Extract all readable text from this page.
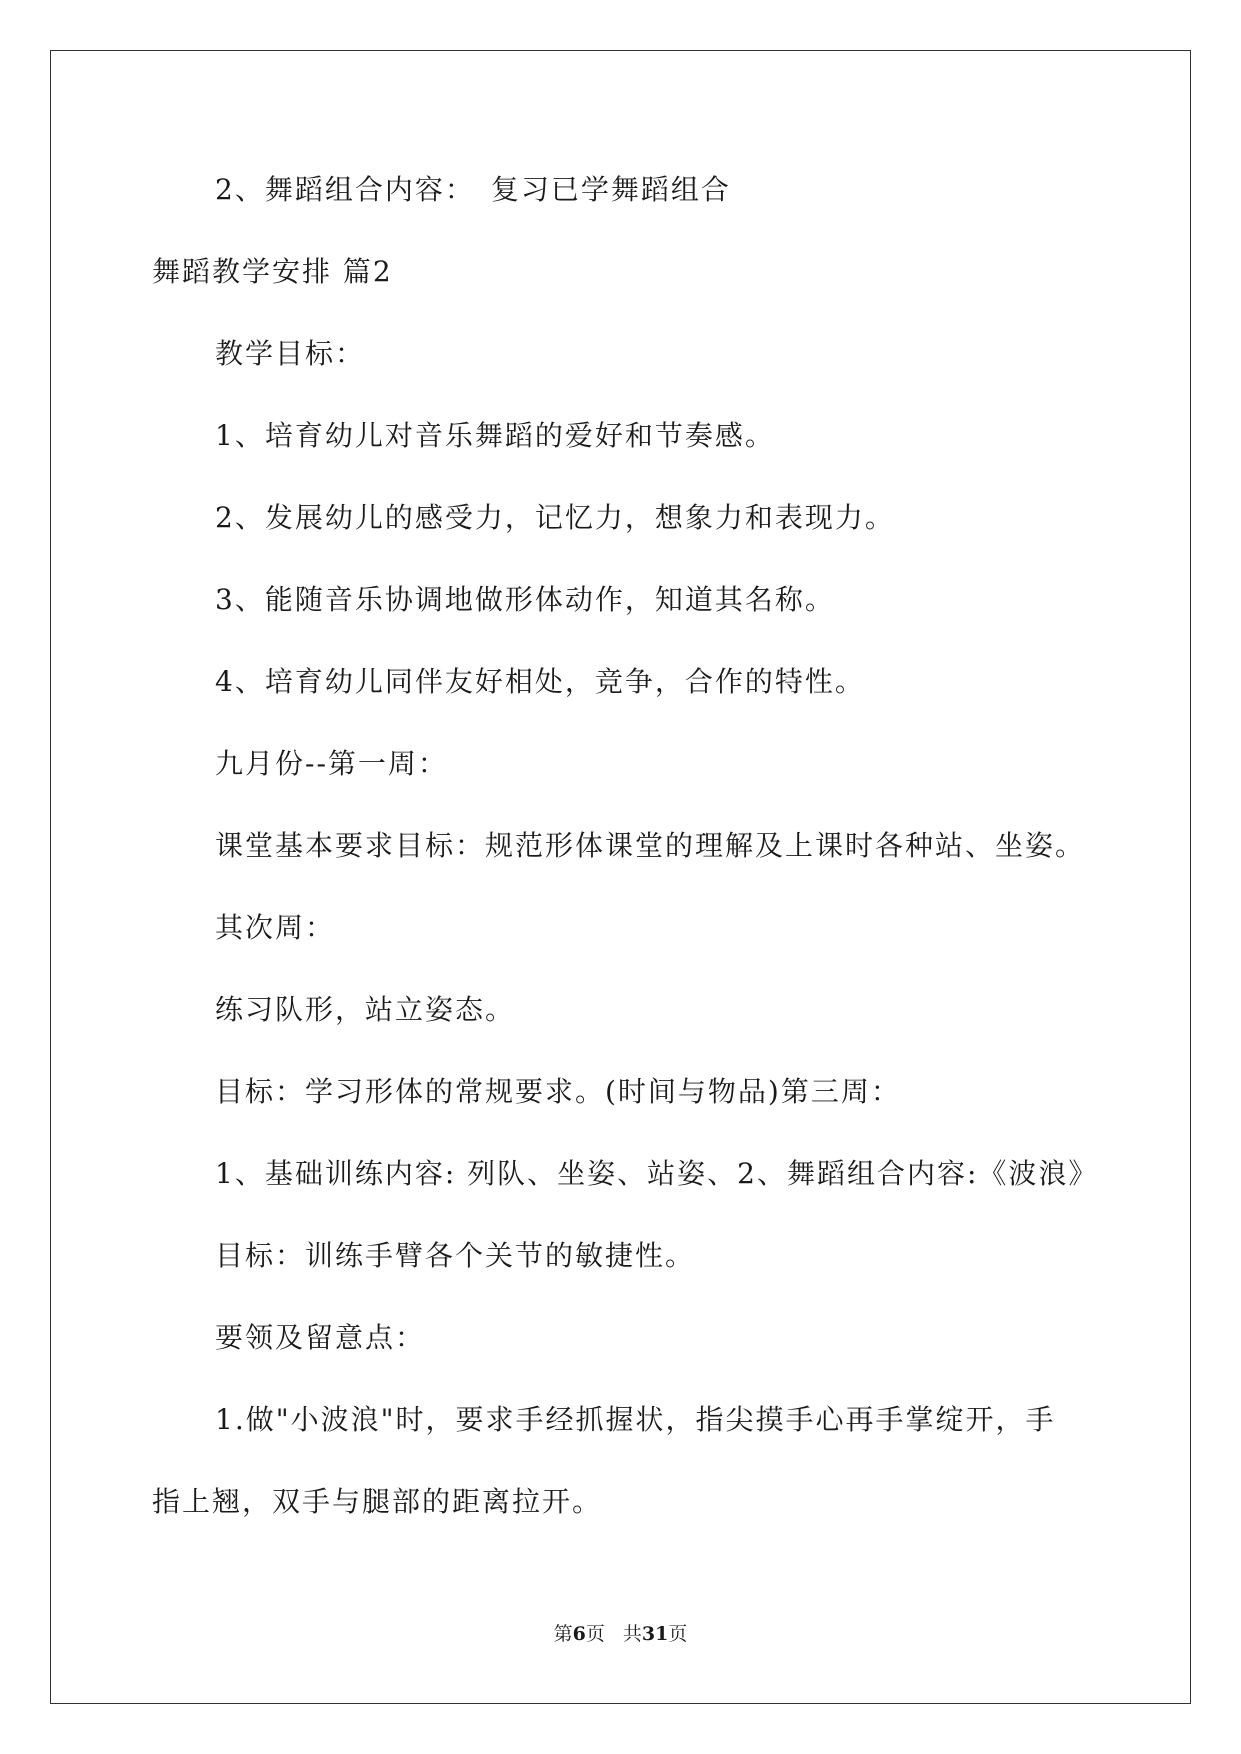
2、舞蹈组合内容：　复习已学舞蹈组合
舞蹈教学安排 篇2
教学目标：
1、培育幼儿对音乐舞蹈的爱好和节奏感。
2、发展幼儿的感受力，记忆力，想象力和表现力。
3、能随音乐协调地做形体动作，知道其名称。
4、培育幼儿同伴友好相处，竞争，合作的特性。
九月份--第一周：
课堂基本要求目标：规范形体课堂的理解及上课时各种站、坐姿。
其次周：
练习队形，站立姿态。
目标：学习形体的常规要求。(时间与物品)第三周：
1、基础训练内容: 列队、坐姿、站姿、2、舞蹈组合内容:《波浪》
目标：训练手臂各个关节的敏捷性。
要领及留意点：
1.做"小波浪"时，要求手经抓握状，指尖摸手心再手掌绽开，手
指上翘，双手与腿部的距离拉开。
第6页 共31页
